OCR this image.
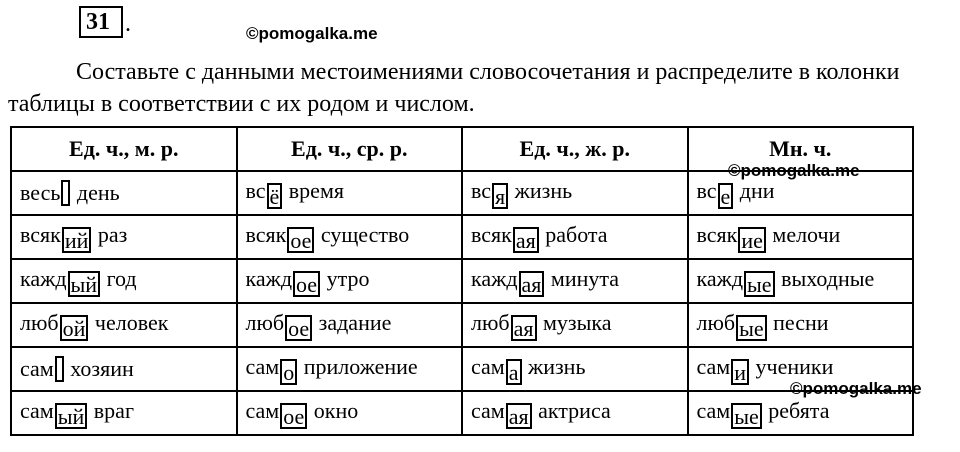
31 .	©pomogalka.me
Составьте с данными местоимениями словосочетания и распределите в колонки таблицы в соответствии с их родом и числом.
Ед. ч., м. р.	Ед. ч., ср. р.	Ед. ч., ж. р.	Мн. ч.
весь день	вс ё время	вс я жизнь	вс е дни
всяк ий раз	всяк ое существо	всяк ая работа	всяк ие мелочи
кажд ый год	кажд ое утро	кажд ая минута	кажд ые выходные
люб ой человек	люб ое задание	люб ая музыка	люб ые песни
сам хозяин	сам о приложение	сам а жизнь	сам и ученики
сам ый враг	сам ое окно	сам ая актриса	сам ые ребята
©pomogalka.me
©pomogalka.me
